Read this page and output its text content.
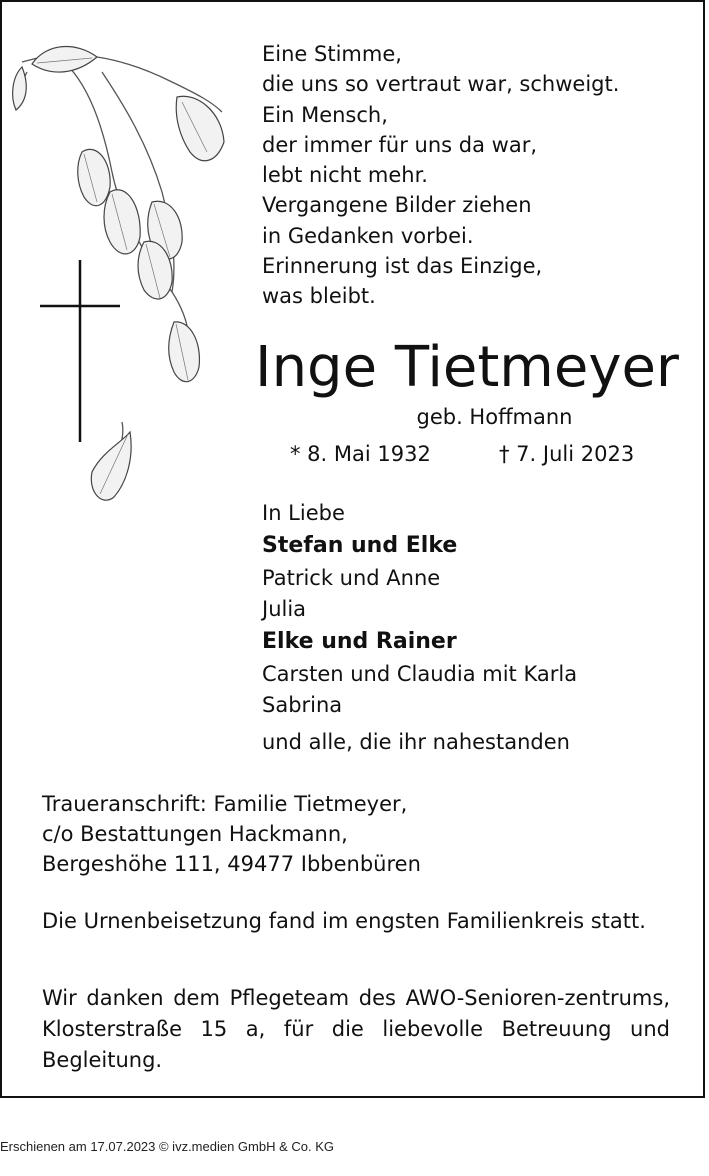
Eine Stimme,
die uns so vertraut war, schweigt.
Ein Mensch,
der immer für uns da war,
lebt nicht mehr.
Vergangene Bilder ziehen
in Gedanken vorbei.
Erinnerung ist das Einzige,
was bleibt.

Inge Tietmeyer
geb. Hoffmann
* 8. Mai 1932	† 7. Juli 2023
In Liebe
Stefan und Elke
Patrick und Anne
Julia
Elke und Rainer
Carsten und Claudia mit Karla
Sabrina
und alle, die ihr nahestanden
Traueranschrift: Familie Tietmeyer,
c/o Bestattungen Hackmann,
Bergeshöhe 111, 49477 Ibbenbüren

Die Urnenbeisetzung fand im engsten Familienkreis statt.

Wir danken dem Pflegeteam des AWO-Senioren-zentrums, Klosterstraße 15 a, für die liebevolle Betreuung und Begleitung.

Erschienen am 17.07.2023 © ivz.medien GmbH & Co. KG
